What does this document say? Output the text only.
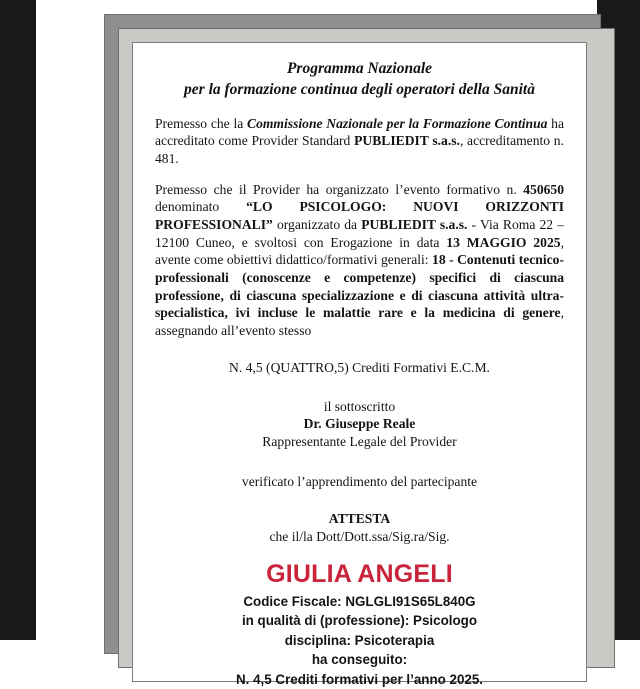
Programma Nazionale
per la formazione continua degli operatori della Sanità

Premesso che la Commissione Nazionale per la Formazione Continua ha accreditato come Provider Standard PUBLIEDIT s.a.s., accreditamento n. 481.

Premesso che il Provider ha organizzato l’evento formativo n. 450650 denominato “LO PSICOLOGO: NUOVI ORIZZONTI PROFESSIONALI” organizzato da PUBLIEDIT s.a.s. - Via Roma 22 – 12100 Cuneo, e svoltosi con Erogazione in data 13 MAGGIO 2025, avente come obiettivi didattico/formativi generali: 18 - Contenuti tecnico-professionali (conoscenze e competenze) specifici di ciascuna professione, di ciascuna specializzazione e di ciascuna attività ultra-specialistica, ivi incluse le malattie rare e la medicina di genere, assegnando all’evento stesso

N. 4,5 (QUATTRO,5) Crediti Formativi E.C.M.
il sottoscritto
Dr. Giuseppe Reale
Rappresentante Legale del Provider
verificato l’apprendimento del partecipante
ATTESTA
che il/la Dott/Dott.ssa/Sig.ra/Sig.
GIULIA ANGELI
Codice Fiscale: NGLGLI91S65L840G
in qualità di (professione): Psicologo
disciplina: Psicoterapia
ha conseguito:
N. 4,5 Crediti formativi per l’anno 2025.
